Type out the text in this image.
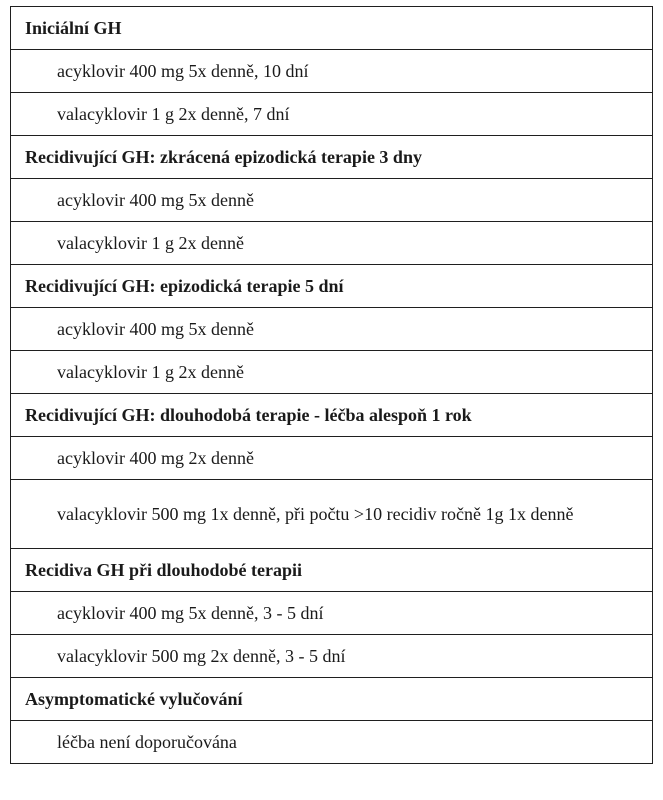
Iniciální GH
acyklovir 400 mg 5x denně, 10 dní
valacyklovir 1 g 2x denně, 7 dní
Recidivující GH: zkrácená epizodická terapie 3 dny
acyklovir 400 mg 5x denně
valacyklovir 1 g 2x denně
Recidivující GH: epizodická terapie 5 dní
acyklovir 400 mg 5x denně
valacyklovir 1 g 2x denně
Recidivující GH: dlouhodobá terapie - léčba alespoň 1 rok
acyklovir 400 mg 2x denně
valacyklovir 500 mg 1x denně, při počtu >10 recidiv ročně 1g 1x denně
Recidiva GH při dlouhodobé terapii
acyklovir 400 mg 5x denně, 3 - 5 dní
valacyklovir 500 mg 2x denně, 3 - 5 dní
Asymptomatické vylučování
léčba není doporučována
